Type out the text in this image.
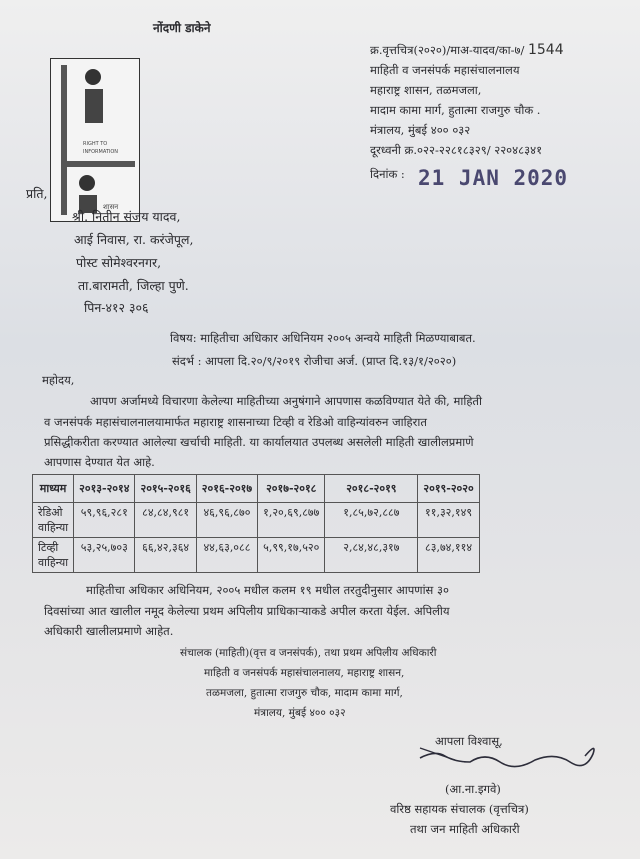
नोंदणी डाकेने
RIGHT TO
INFORMATION
शासन
क्र.वृत्तचित्र(२०२०)/माअ-यादव/का-७/ 1544
माहिती व जनसंपर्क महासंचालनालय
महाराष्ट्र शासन, तळमजला,
मादाम कामा मार्ग, हुतात्मा राजगुरु चौक .
मंत्रालय, मुंबई ४०० ०३२
दूरध्वनी क्र.०२२-२२८१८३२९/ २२०४८३४१
दिनांक : 21 JAN 2020
प्रति,
श्री. नितीन संजय यादव,
आई निवास, रा. करंजेपूल,
पोस्ट सोमेश्वरनगर,
ता.बारामती, जिल्हा पुणे.
पिन-४१२ ३०६
विषय: माहितीचा अधिकार अधिनियम २००५ अन्वये माहिती मिळण्याबाबत.
संदर्भ : आपला दि.२०/९/२०१९ रोजीचा अर्ज. (प्राप्त दि.१३/१/२०२०)
महोदय,
आपण अर्जामध्ये विचारणा केलेल्या माहितीच्या अनुषंगाने आपणास कळविण्यात येते की, माहिती
व जनसंपर्क महासंचालनालयामार्फत महाराष्ट्र शासनाच्या टिव्ही व रेडिओ वाहिन्यांवरुन जाहिरात
प्रसिद्धीकरीता करण्यात आलेल्या खर्चाची माहिती. या कार्यालयात उपलब्ध असलेली माहिती खालीलप्रमाणे
आपणास देण्यात येत आहे.
माध्यम	२०१३-२०१४	२०१५-२०१६	२०१६-२०१७	२०१७-२०१८	२०१८-२०१९	२०१९-२०२०
रेडिओ
वाहिन्या	५९,९६,२८१	८४,८४,९८१	४६,९६,८७०	१,२०,६९,८७७	१,८५,७२,८८७	११,३२,१४९
टिव्ही
वाहिन्या	५३,२५,७०३	६६,४२,३६४	४४,६३,०८८	५,९९,१७,५२०	२,८४,४८,३१७	८३,७४,११४
माहितीचा अधिकार अधिनियम, २००५ मधील कलम १९ मधील तरतुदीनुसार आपणांस ३०
दिवसांच्या आत खालील नमूद केलेल्या प्रथम अपिलीय प्राधिकाऱ्याकडे अपील करता येईल. अपिलीय
अधिकारी खालीलप्रमाणे आहेत.
संचालक (माहिती)(वृत्त व जनसंपर्क), तथा प्रथम अपिलीय अधिकारी
माहिती व जनसंपर्क महासंचालनालय, महाराष्ट्र शासन,
तळमजला, हुतात्मा राजगुरु चौक, मादाम कामा मार्ग,
मंत्रालय, मुंबई ४०० ०३२
आपला विश्वासू,
(आ.ना.इगवे)
वरिष्ठ सहायक संचालक (वृत्तचित्र)
तथा जन माहिती अधिकारी
